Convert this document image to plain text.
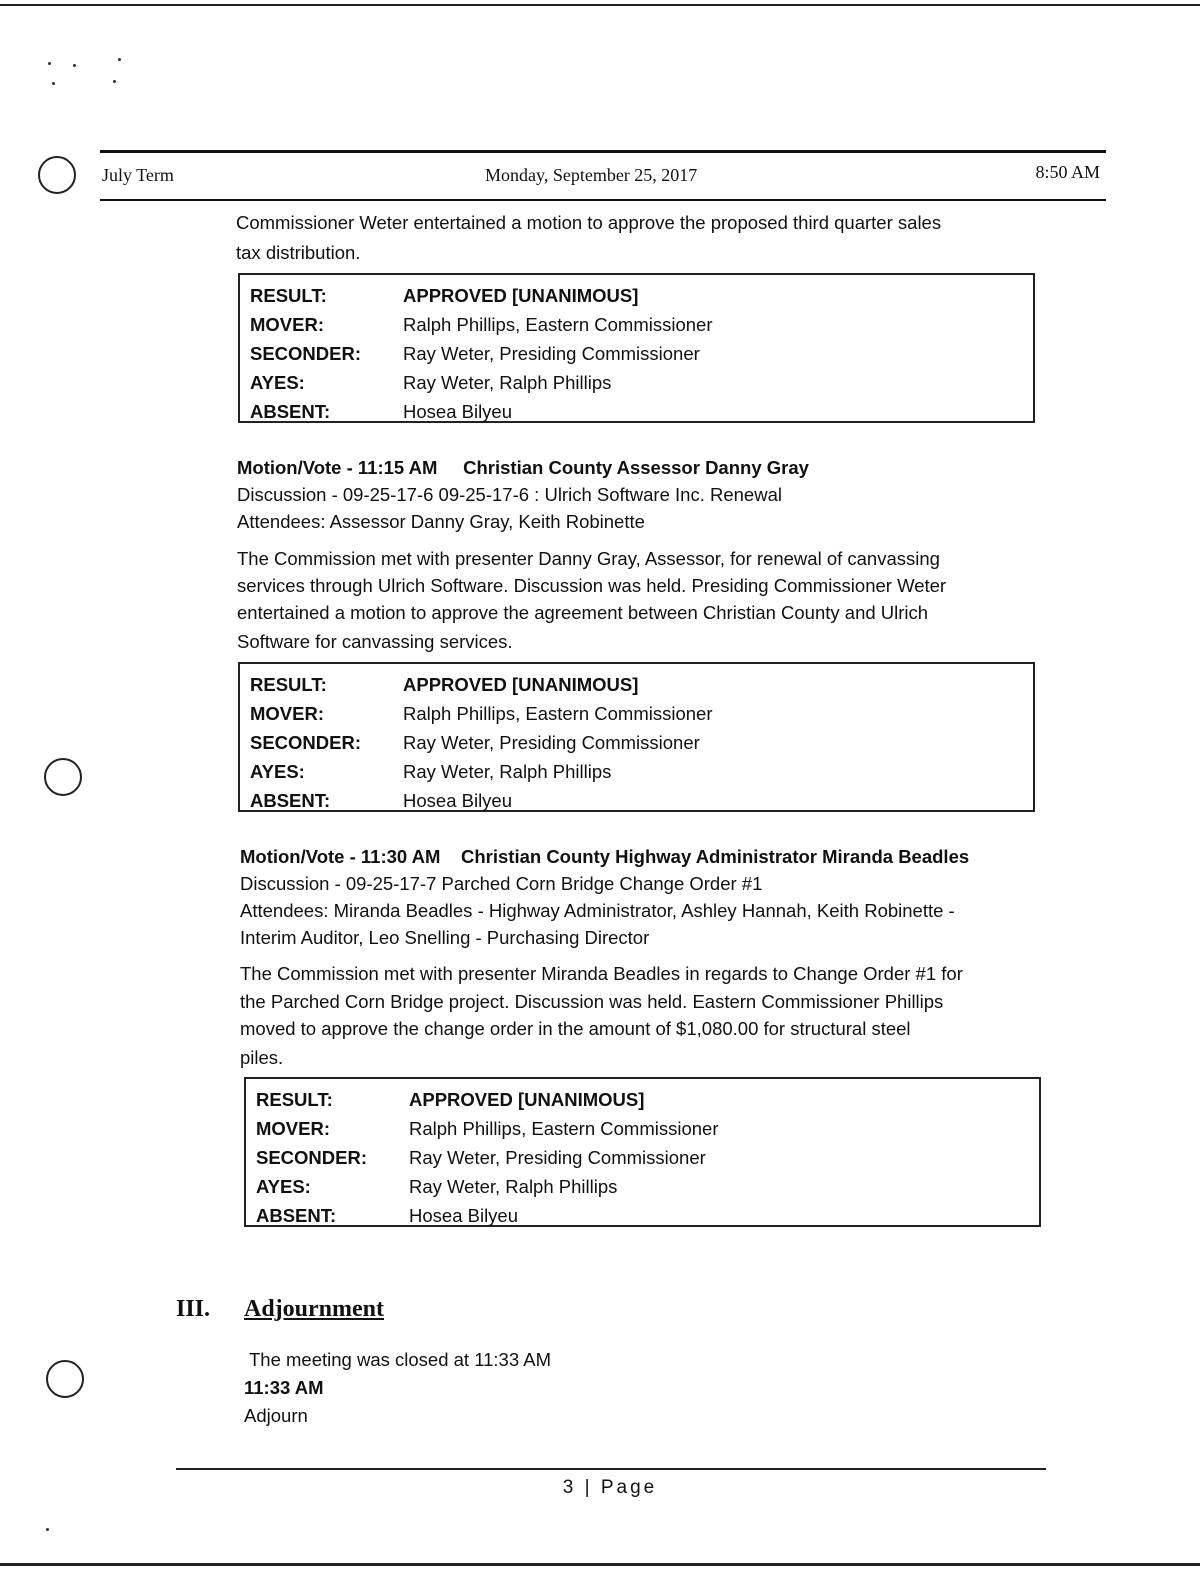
July Term	Monday, September 25, 2017	8:50 AM
Commissioner Weter entertained a motion to approve the proposed third quarter sales
tax distribution.
RESULT:	APPROVED [UNANIMOUS]
MOVER:	Ralph Phillips, Eastern Commissioner
SECONDER: Ray Weter, Presiding Commissioner
AYES:	Ray Weter, Ralph Phillips
ABSENT:	Hosea Bilyeu
Motion/Vote - 11:15 AM Christian County Assessor Danny Gray
Discussion - 09-25-17-6 09-25-17-6 : Ulrich Software Inc. Renewal
Attendees: Assessor Danny Gray, Keith Robinette
The Commission met with presenter Danny Gray, Assessor, for renewal of canvassing
services through Ulrich Software. Discussion was held. Presiding Commissioner Weter
entertained a motion to approve the agreement between Christian County and Ulrich
Software for canvassing services.
RESULT:	APPROVED [UNANIMOUS]
MOVER:	Ralph Phillips, Eastern Commissioner
SECONDER: Ray Weter, Presiding Commissioner
AYES:	Ray Weter, Ralph Phillips
ABSENT:	Hosea Bilyeu
Motion/Vote - 11:30 AM Christian County Highway Administrator Miranda Beadles
Discussion - 09-25-17-7 Parched Corn Bridge Change Order #1
Attendees: Miranda Beadles - Highway Administrator, Ashley Hannah, Keith Robinette -
Interim Auditor, Leo Snelling - Purchasing Director
The Commission met with presenter Miranda Beadles in regards to Change Order #1 for
the Parched Corn Bridge project. Discussion was held. Eastern Commissioner Phillips
moved to approve the change order in the amount of $1,080.00 for structural steel
piles.
RESULT:	APPROVED [UNANIMOUS]
MOVER:	Ralph Phillips, Eastern Commissioner
SECONDER: Ray Weter, Presiding Commissioner
AYES:	Ray Weter, Ralph Phillips
ABSENT:	Hosea Bilyeu
III. Adjournment
The meeting was closed at 11:33 AM
11:33 AM
Adjourn
3 | Page
